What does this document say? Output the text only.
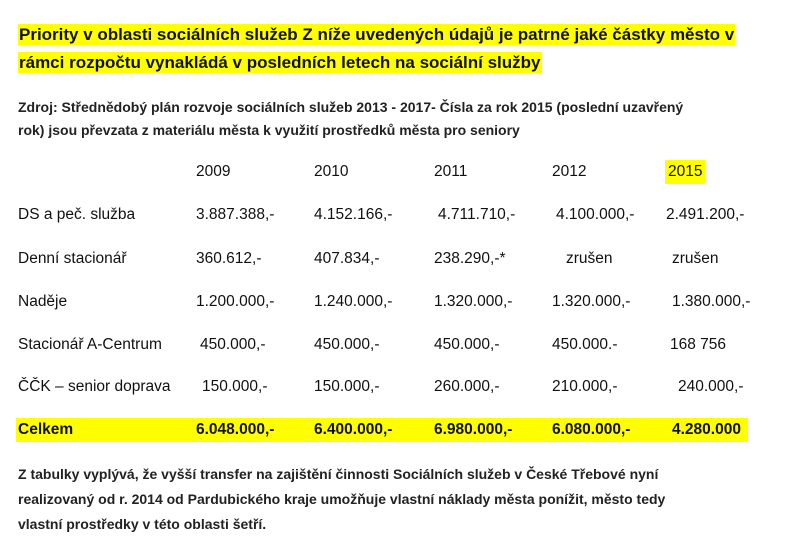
Priority v oblasti sociálních služeb Z níže uvedených údajů je patrné jaké částky město v
rámci rozpočtu vynakládá v posledních letech na sociální služby
Zdroj: Střednědobý plán rozvoje sociálních služeb 2013 - 2017- Čísla za rok 2015 (poslední uzavřený
rok) jsou převzata z materiálu města k využití prostředků města pro seniory
2009	2010	2011	2012	2015
DS a peč. služba	3.887.388,-	4.152.166,-	4.711.710,-	4.100.000,- 2.491.200,-
Denní stacionář	360.612,-	407.834,-	238.290,-*	zrušen	zrušen
Naděje	1.200.000,-	1.240.000,-	1.320.000,-	1.320.000,-	1.380.000,-
Stacionář A-Centrum 450.000,-	450.000,-	450.000,-	450.000.-	168 756
ČČK – senior doprava 150.000,-	150.000,-	260.000,-	210.000,-	240.000,-
Celkem	6.048.000,-	6.400.000,-	6.980.000,-	6.080.000,-	4.280.000
Z tabulky vyplývá, že vyšší transfer na zajištění činnosti Sociálních služeb v České Třebové nyní
realizovaný od r. 2014 od Pardubického kraje umožňuje vlastní náklady města ponížit, město tedy
vlastní prostředky v této oblasti šetří.
